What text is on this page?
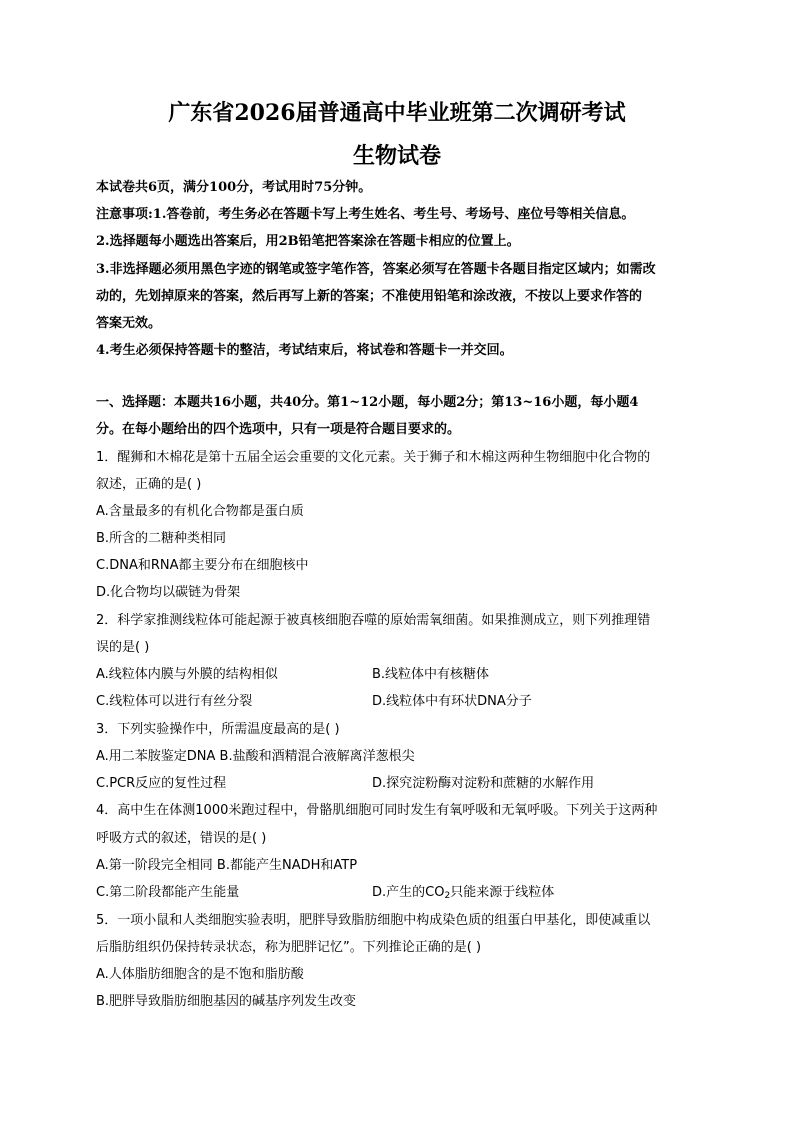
广东省2026届普通高中毕业班第二次调研考试
生物试卷
本试卷共6页，满分100分，考试用时75分钟。
注意事项:1.答卷前，考生务必在答题卡写上考生姓名、考生号、考场号、座位号等相关信息。
2.选择题每小题选出答案后，用2B铅笔把答案涂在答题卡相应的位置上。
3.非选择题必须用黑色字迹的钢笔或签字笔作答，答案必须写在答题卡各题目指定区域内；如需改
动的，先划掉原来的答案，然后再写上新的答案；不准使用铅笔和涂改液，不按以上要求作答的
答案无效。
4.考生必须保持答题卡的整洁，考试结束后，将试卷和答题卡一并交回。
一、选择题：本题共16小题，共40分。第1~12小题，每小题2分；第13~16小题，每小题4
分。在每小题给出的四个选项中，只有一项是符合题目要求的。
1．醒狮和木棉花是第十五届全运会重要的文化元素。关于狮子和木棉这两种生物细胞中化合物的
叙述，正确的是( )
A.含量最多的有机化合物都是蛋白质
B.所含的二糖种类相同
C.DNA和RNA都主要分布在细胞核中
D.化合物均以碳链为骨架
2．科学家推测线粒体可能起源于被真核细胞吞噬的原始需氧细菌。如果推测成立，则下列推理错
误的是( )
A.线粒体内膜与外膜的结构相似	B.线粒体中有核糖体
C.线粒体可以进行有丝分裂	D.线粒体中有环状DNA分子
3．下列实验操作中，所需温度最高的是( )
A.用二苯胺鉴定DNA B.盐酸和酒精混合液解离洋葱根尖
C.PCR反应的复性过程	D.探究淀粉酶对淀粉和蔗糖的水解作用
4．高中生在体测1000米跑过程中，骨骼肌细胞可同时发生有氧呼吸和无氧呼吸。下列关于这两种
呼吸方式的叙述，错误的是( )
A.第一阶段完全相同 B.都能产生NADH和ATP
C.第二阶段都能产生能量	D.产生的$CO_2$只能来源于线粒体
5．一项小鼠和人类细胞实验表明，肥胖导致脂肪细胞中构成染色质的组蛋白甲基化，即使减重以
后脂肪组织仍保持转录状态，称为肥胖记忆”。下列推论正确的是( )
A.人体脂肪细胞含的是不饱和脂肪酸
B.肥胖导致脂肪细胞基因的碱基序列发生改变
